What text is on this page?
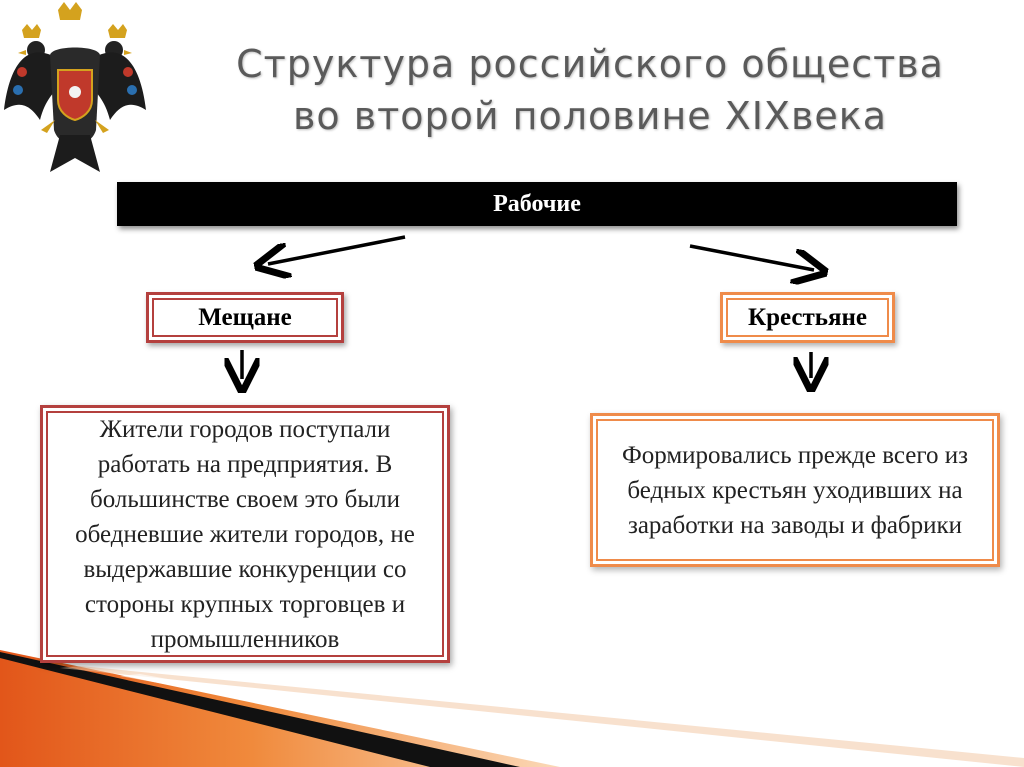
Структура российского общества
во второй половине XIXвека
Рабочие
Мещане	Крестьяне
Жители городов поступали работать на предприятия. В большинстве своем это были обедневшие жители городов, не выдержавшие конкуренции со стороны крупных торговцев и промышленников
Формировались прежде всего из бедных крестьян уходивших на заработки на заводы и фабрики
